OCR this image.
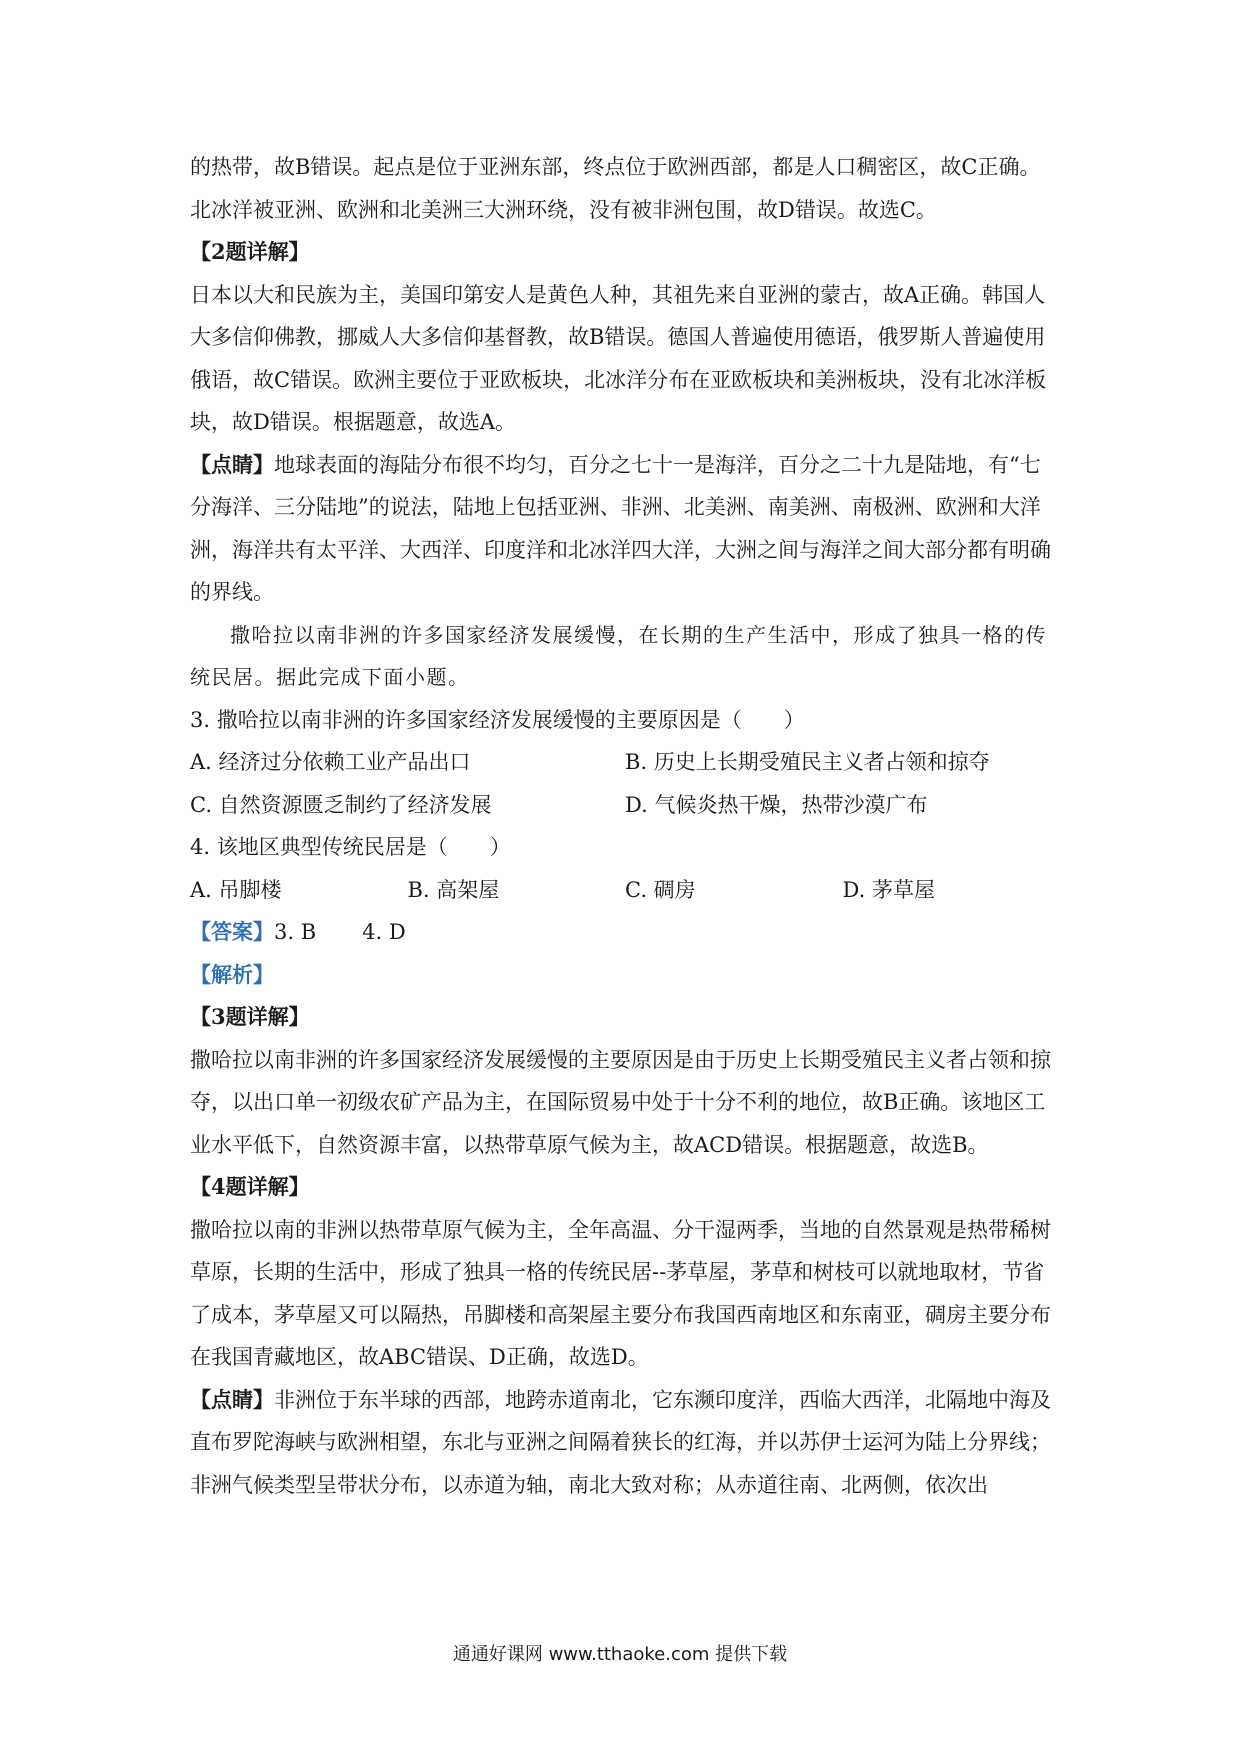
的热带，故B错误。起点是位于亚洲东部，终点位于欧洲西部，都是人口稠密区，故C正确。北冰洋被亚洲、欧洲和北美洲三大洲环绕，没有被非洲包围，故D错误。故选C。

【2题详解】

日本以大和民族为主，美国印第安人是黄色人种，其祖先来自亚洲的蒙古，故A正确。韩国人大多信仰佛教，挪威人大多信仰基督教，故B错误。德国人普遍使用德语，俄罗斯人普遍使用俄语，故C错误。欧洲主要位于亚欧板块，北冰洋分布在亚欧板块和美洲板块，没有北冰洋板块，故D错误。根据题意，故选A。

【点睛】地球表面的海陆分布很不均匀，百分之七十一是海洋，百分之二十九是陆地，有“七分海洋、三分陆地”的说法，陆地上包括亚洲、非洲、北美洲、南美洲、南极洲、欧洲和大洋洲，海洋共有太平洋、大西洋、印度洋和北冰洋四大洋，大洲之间与海洋之间大部分都有明确的界线。

撒哈拉以南非洲的许多国家经济发展缓慢，在长期的生产生活中，形成了独具一格的传统民居。据此完成下面小题。

3. 撒哈拉以南非洲的许多国家经济发展缓慢的主要原因是（　　）

A. 经济过分依赖工业产品出口	B. 历史上长期受殖民主义者占领和掠夺
C. 自然资源匮乏制约了经济发展	D. 气候炎热干燥，热带沙漠广布

4. 该地区典型传统民居是（　　）

A. 吊脚楼	B. 高架屋	C. 碉房	D. 茅草屋

【答案】3. B 4. D

【解析】

【3题详解】

撒哈拉以南非洲的许多国家经济发展缓慢的主要原因是由于历史上长期受殖民主义者占领和掠夺，以出口单一初级农矿产品为主，在国际贸易中处于十分不利的地位，故B正确。该地区工业水平低下，自然资源丰富，以热带草原气候为主，故ACD错误。根据题意，故选B。

【4题详解】

撒哈拉以南的非洲以热带草原气候为主，全年高温、分干湿两季，当地的自然景观是热带稀树草原，长期的生活中，形成了独具一格的传统民居--茅草屋，茅草和树枝可以就地取材，节省了成本，茅草屋又可以隔热，吊脚楼和高架屋主要分布我国西南地区和东南亚，碉房主要分布在我国青藏地区，故ABC错误、D正确，故选D。

【点睛】非洲位于东半球的西部，地跨赤道南北，它东濒印度洋，西临大西洋，北隔地中海及直布罗陀海峡与欧洲相望，东北与亚洲之间隔着狭长的红海，并以苏伊士运河为陆上分界线；非洲气候类型呈带状分布，以赤道为轴，南北大致对称；从赤道往南、北两侧，依次出

通通好课网 www.tthaoke.com 提供下载
